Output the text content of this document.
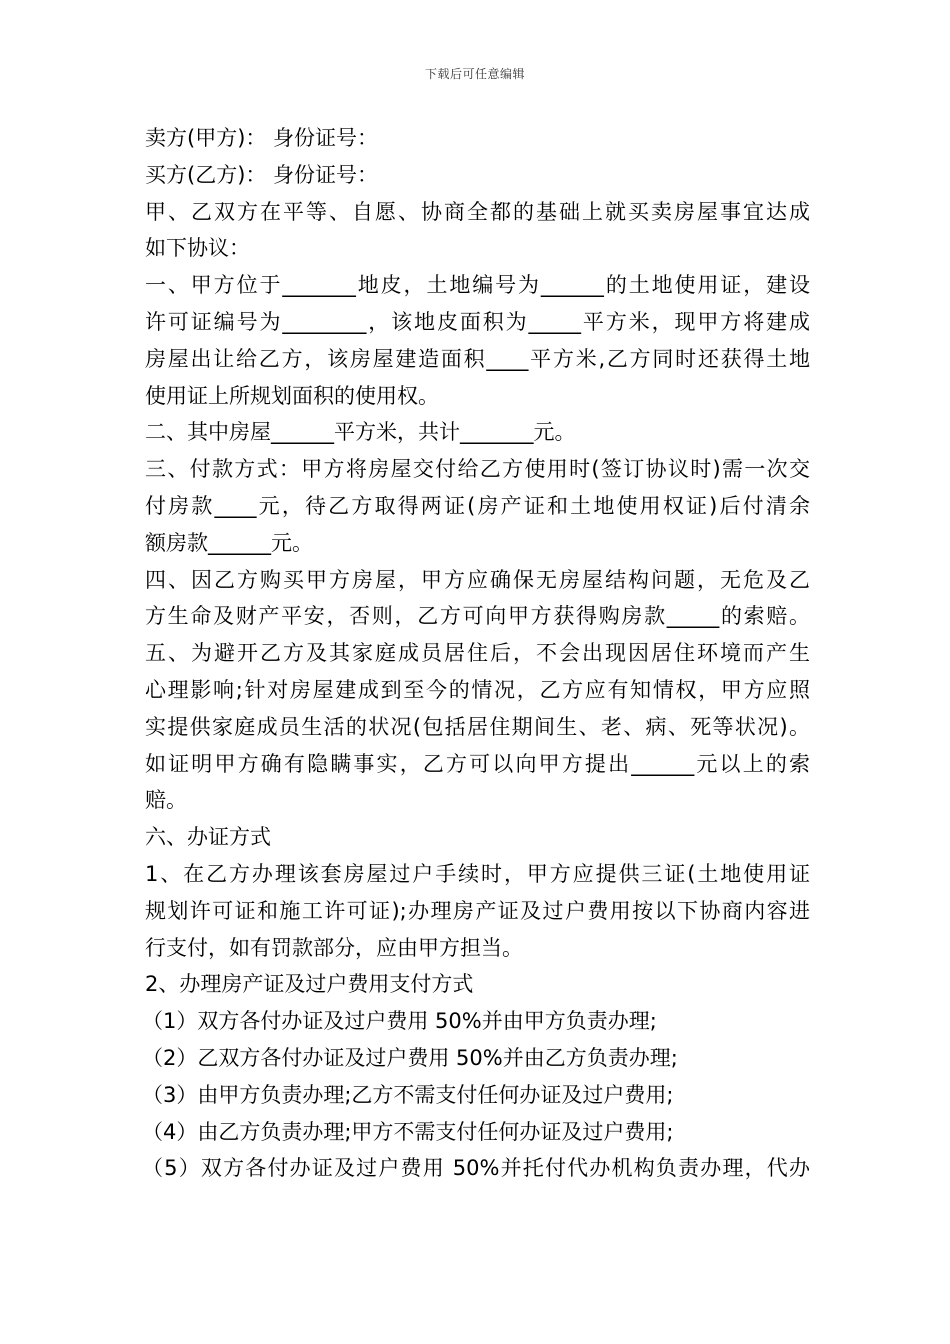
下载后可任意编辑
卖方(甲方)： 身份证号：
买方(乙方)： 身份证号：
甲、乙双方在平等、自愿、协商全都的基础上就买卖房屋事宜达成
如下协议：
一、甲方位于_______地皮，土地编号为______的土地使用证，建设
许可证编号为________，该地皮面积为_____平方米，现甲方将建成
房屋出让给乙方，该房屋建造面积____平方米,乙方同时还获得土地
使用证上所规划面积的使用权。
二、其中房屋______平方米，共计_______元。
三、付款方式：甲方将房屋交付给乙方使用时(签订协议时)需一次交
付房款____元，待乙方取得两证(房产证和土地使用权证)后付清余
额房款______元。
四、因乙方购买甲方房屋，甲方应确保无房屋结构问题，无危及乙
方生命及财产平安，否则，乙方可向甲方获得购房款_____的索赔。
五、为避开乙方及其家庭成员居住后，不会出现因居住环境而产生
心理影响;针对房屋建成到至今的情况，乙方应有知情权，甲方应照
实提供家庭成员生活的状况(包括居住期间生、老、病、死等状况)。
如证明甲方确有隐瞒事实，乙方可以向甲方提出______元以上的索
赔。
六、办证方式
1、在乙方办理该套房屋过户手续时，甲方应提供三证(土地使用证
规划许可证和施工许可证);办理房产证及过户费用按以下协商内容进
行支付，如有罚款部分，应由甲方担当。
2、办理房产证及过户费用支付方式
（1）双方各付办证及过户费用 50%并由甲方负责办理;
（2）乙双方各付办证及过户费用 50%并由乙方负责办理;
（3）由甲方负责办理;乙方不需支付任何办证及过户费用;
（4）由乙方负责办理;甲方不需支付任何办证及过户费用;
（5）双方各付办证及过户费用 50%并托付代办机构负责办理，代办
